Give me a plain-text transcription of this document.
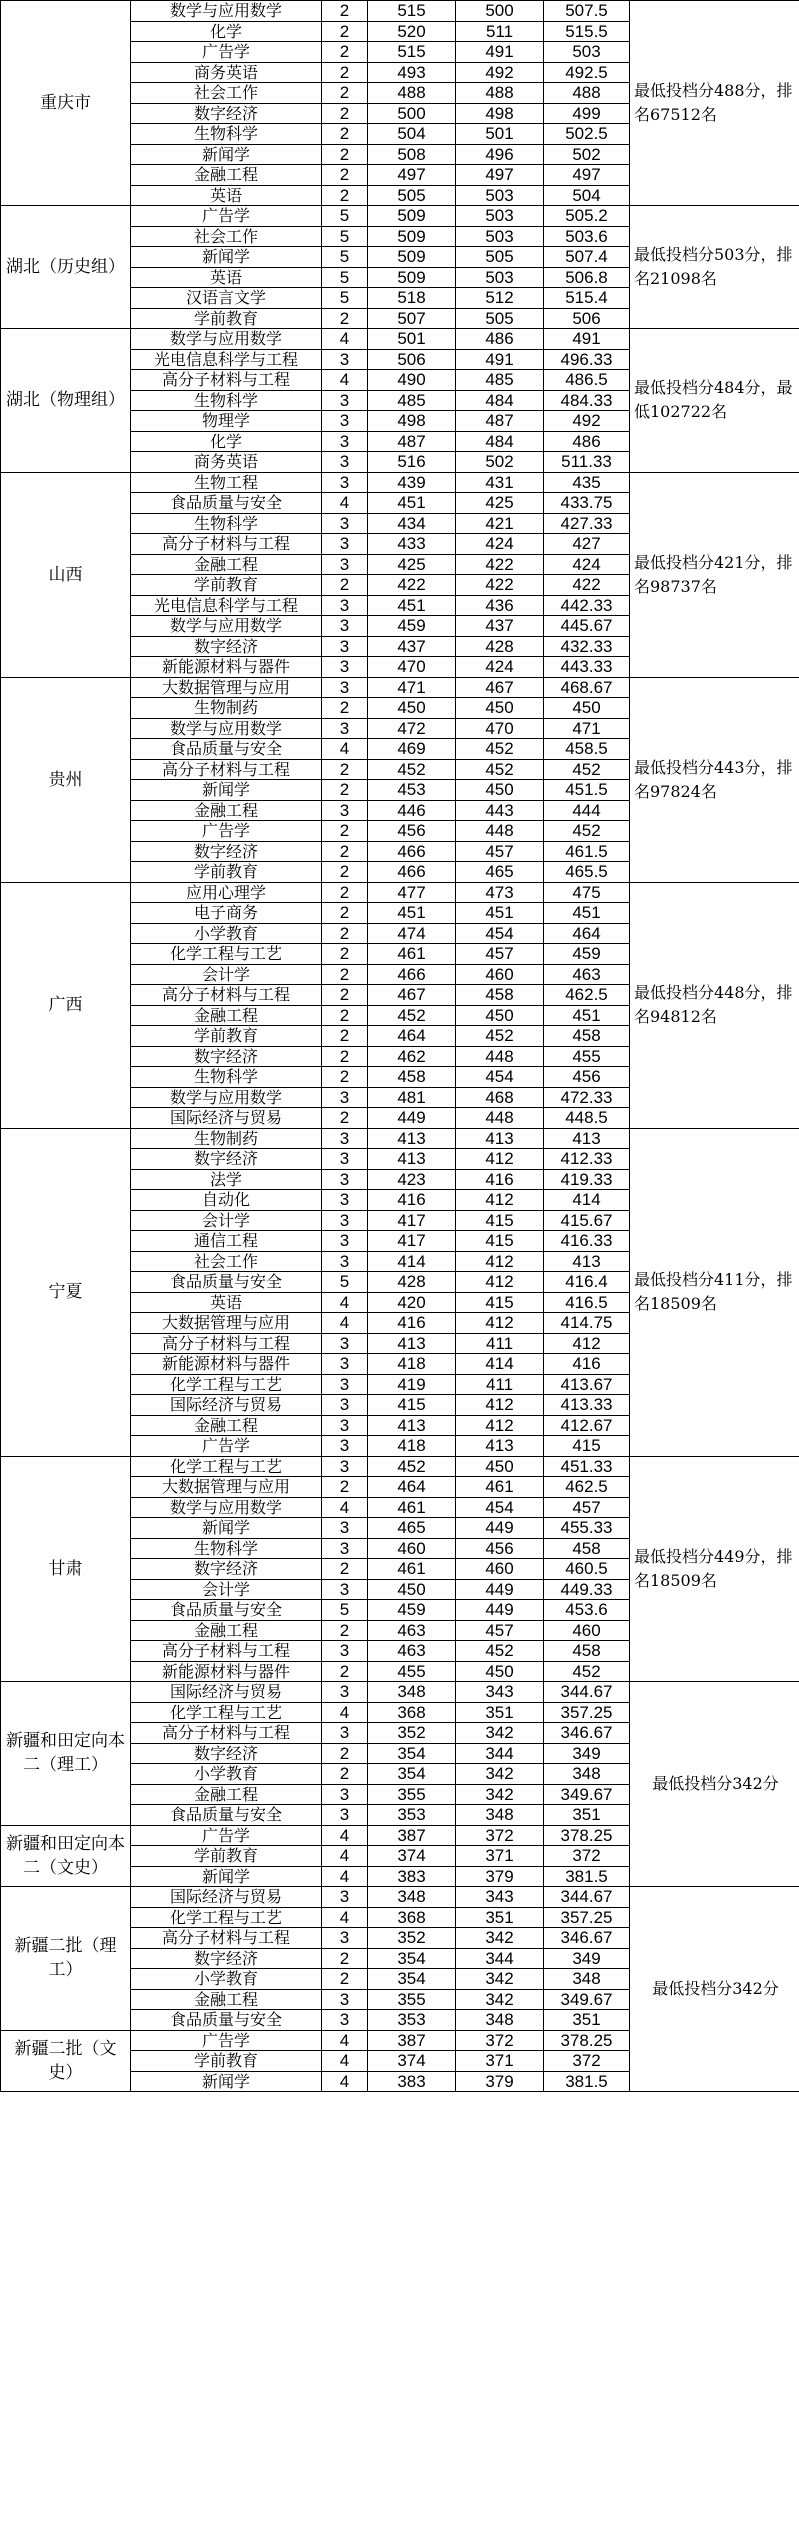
重庆市	数学与应用数学	2	515	500	507.5	最低投档分488分，排名67512名
	化学	2	520	511	515.5	
	广告学	2	515	491	503	
	商务英语	2	493	492	492.5	
	社会工作	2	488	488	488	
	数字经济	2	500	498	499	
	生物科学	2	504	501	502.5	
	新闻学	2	508	496	502	
	金融工程	2	497	497	497	
	英语	2	505	503	504	
湖北（历史组）	广告学	5	509	503	505.2	最低投档分503分，排名21098名
	社会工作	5	509	503	503.6	
	新闻学	5	509	505	507.4	
	英语	5	509	503	506.8	
	汉语言文学	5	518	512	515.4	
	学前教育	2	507	505	506	
湖北（物理组）	数学与应用数学	4	501	486	491	最低投档分484分，最低102722名
	光电信息科学与工程	3	506	491	496.33	
	高分子材料与工程	4	490	485	486.5	
	生物科学	3	485	484	484.33	
	物理学	3	498	487	492	
	化学	3	487	484	486	
	商务英语	3	516	502	511.33	
山西	生物工程	3	439	431	435	最低投档分421分，排名98737名
	食品质量与安全	4	451	425	433.75	
	生物科学	3	434	421	427.33	
	高分子材料与工程	3	433	424	427	
	金融工程	3	425	422	424	
	学前教育	2	422	422	422	
	光电信息科学与工程	3	451	436	442.33	
	数学与应用数学	3	459	437	445.67	
	数字经济	3	437	428	432.33	
	新能源材料与器件	3	470	424	443.33	
贵州	大数据管理与应用	3	471	467	468.67	最低投档分443分，排名97824名
	生物制药	2	450	450	450	
	数学与应用数学	3	472	470	471	
	食品质量与安全	4	469	452	458.5	
	高分子材料与工程	2	452	452	452	
	新闻学	2	453	450	451.5	
	金融工程	3	446	443	444	
	广告学	2	456	448	452	
	数字经济	2	466	457	461.5	
	学前教育	2	466	465	465.5	
广西	应用心理学	2	477	473	475	最低投档分448分，排名94812名
	电子商务	2	451	451	451	
	小学教育	2	474	454	464	
	化学工程与工艺	2	461	457	459	
	会计学	2	466	460	463	
	高分子材料与工程	2	467	458	462.5	
	金融工程	2	452	450	451	
	学前教育	2	464	452	458	
	数字经济	2	462	448	455	
	生物科学	2	458	454	456	
	数学与应用数学	3	481	468	472.33	
	国际经济与贸易	2	449	448	448.5	
宁夏	生物制药	3	413	413	413	最低投档分411分，排名18509名
	数字经济	3	413	412	412.33	
	法学	3	423	416	419.33	
	自动化	3	416	412	414	
	会计学	3	417	415	415.67	
	通信工程	3	417	415	416.33	
	社会工作	3	414	412	413	
	食品质量与安全	5	428	412	416.4	
	英语	4	420	415	416.5	
	大数据管理与应用	4	416	412	414.75	
	高分子材料与工程	3	413	411	412	
	新能源材料与器件	3	418	414	416	
	化学工程与工艺	3	419	411	413.67	
	国际经济与贸易	3	415	412	413.33	
	金融工程	3	413	412	412.67	
	广告学	3	418	413	415	
甘肃	化学工程与工艺	3	452	450	451.33	最低投档分449分，排名18509名
	大数据管理与应用	2	464	461	462.5	
	数学与应用数学	4	461	454	457	
	新闻学	3	465	449	455.33	
	生物科学	3	460	456	458	
	数字经济	2	461	460	460.5	
	会计学	3	450	449	449.33	
	食品质量与安全	5	459	449	453.6	
	金融工程	2	463	457	460	
	高分子材料与工程	3	463	452	458	
	新能源材料与器件	2	455	450	452	
新疆和田定向本二（理工）	国际经济与贸易	3	348	343	344.67	最低投档分342分
	化学工程与工艺	4	368	351	357.25	
	高分子材料与工程	3	352	342	346.67	
	数字经济	2	354	344	349	
	小学教育	2	354	342	348	
	金融工程	3	355	342	349.67	
	食品质量与安全	3	353	348	351	
新疆和田定向本二（文史）	广告学	4	387	372	378.25	
	学前教育	4	374	371	372	
	新闻学	4	383	379	381.5	
新疆二批（理工）	国际经济与贸易	3	348	343	344.67	最低投档分342分
	化学工程与工艺	4	368	351	357.25	
	高分子材料与工程	3	352	342	346.67	
	数字经济	2	354	344	349	
	小学教育	2	354	342	348	
	金融工程	3	355	342	349.67	
	食品质量与安全	3	353	348	351	
新疆二批（文史）	广告学	4	387	372	378.25	
	学前教育	4	374	371	372	
	新闻学	4	383	379	381.5	
